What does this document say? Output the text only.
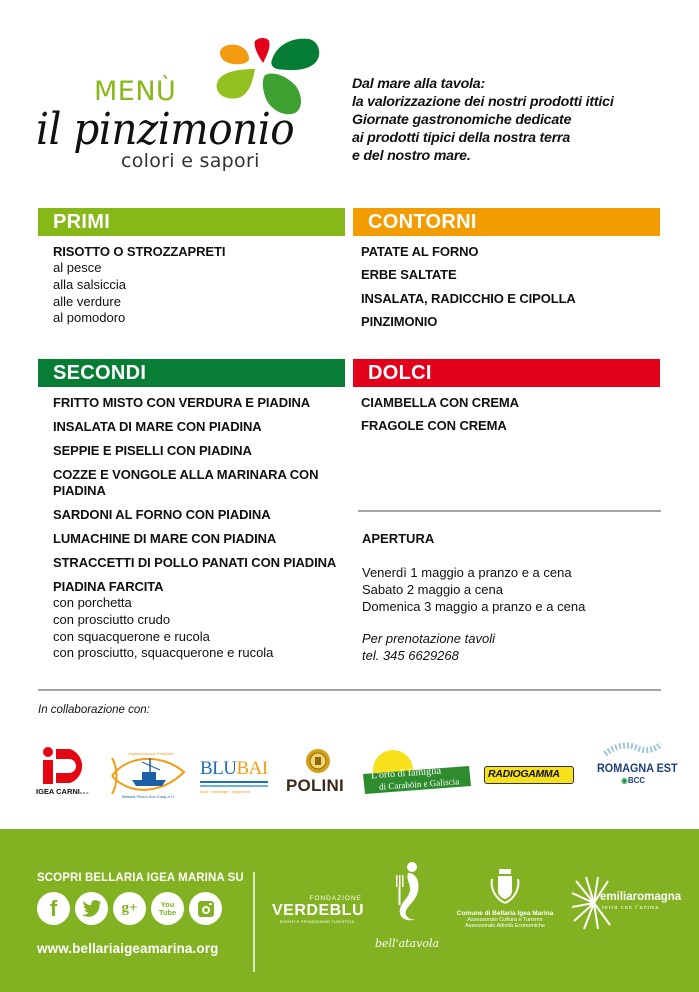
MENÙ
il pinzimonio
colori e sapori
Dal mare alla tavola:
la valorizzazione dei nostri prodotti ittici
Giornate gastronomiche dedicate
ai prodotti tipici della nostra terra
e del nostro mare.
PRIMI
RISOTTO O STROZZAPRETI
al pesce
alla salsiccia
alle verdure
al pomodoro
CONTORNI
PATATE AL FORNO
ERBE SALTATE
INSALATA, RADICCHIO E CIPOLLA
PINZIMONIO
SECONDI
FRITTO MISTO CON VERDURA E PIADINA
INSALATA DI MARE CON PIADINA
SEPPIE E PISELLI CON PIADINA
COZZE E VONGOLE ALLA MARINARA CON PIADINA
SARDONI AL FORNO CON PIADINA
LUMACHINE DI MARE CON PIADINA
STRACCETTI DI POLLO PANATI CON PIADINA
PIADINA FARCITA
con porchetta
con prosciutto crudo
con squacquerone e rucola
con prosciutto, squacquerone e rucola
DOLCI
CIAMBELLA CON CREMA
FRAGOLE CON CREMA
APERTURA
Venerdì 1 maggio a pranzo e a cena
Sabato 2 maggio a cena
Domenica 3 maggio a pranzo e a cena
Per prenotazione tavoli
tel. 345 6629268
In collaborazione con:
IGEA CARNIs.n.c.
Organizzazione Produttori
Bellaria Pesca Soc Coop a r.l.
BLUBAI
food · beverage · equipment	POLINI
L'orto di famiglia
di Caraböin e Galiscia
RADIOGAMMA	ROMAGNA EST
◉BCC
SCOPRI BELLARIA IGEA MARINA SU
f	g+	You Tube
www.bellariaigeamarina.org
FONDAZIONE
VERDEBLU
EVENTI E PROMOZIONE TURISTICA
bell'atavola
Comune di Bellaria Igea Marina
Assessorato Cultura e Turismo
Assessorato Attività Economiche
emiliaromagna
terra con l'anima
